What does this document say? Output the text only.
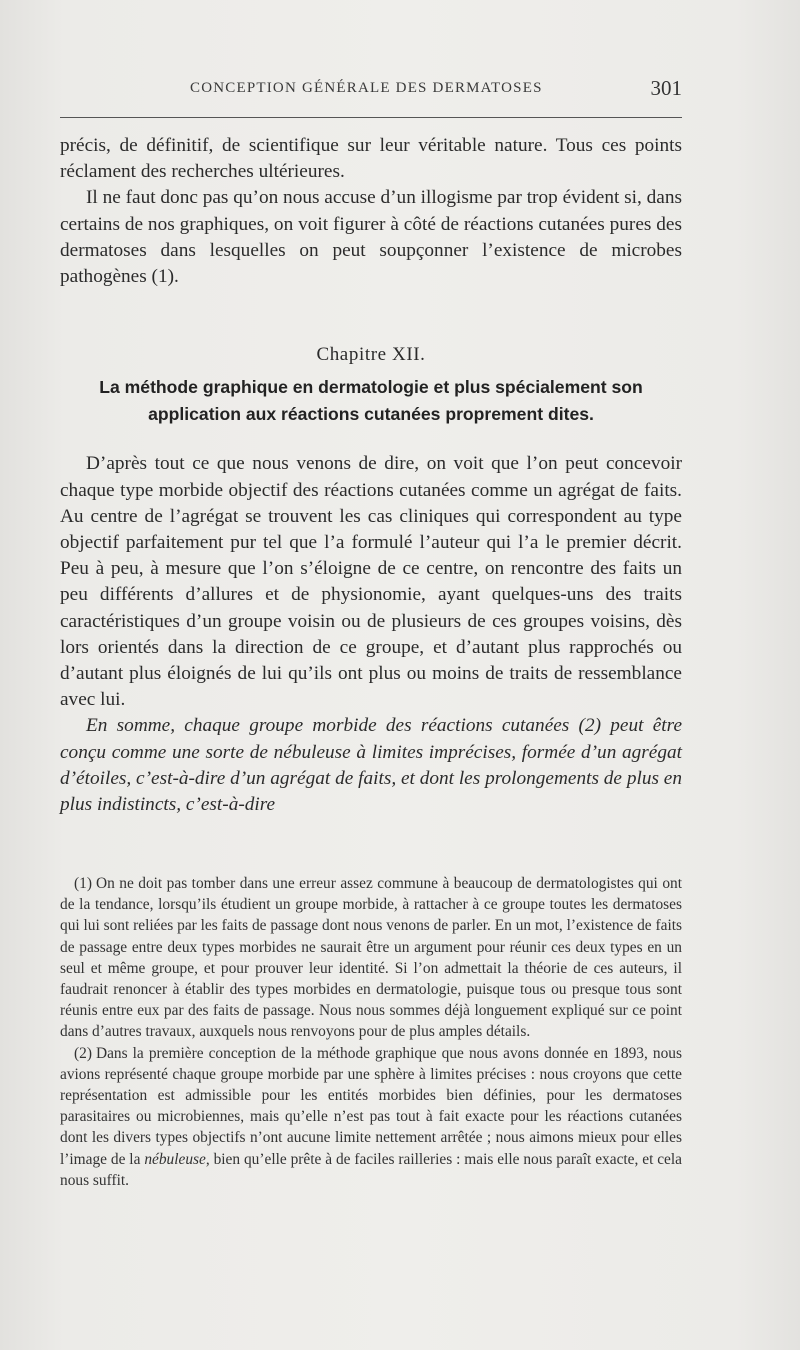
CONCEPTION GÉNÉRALE DES DERMATOSES	301

précis, de définitif, de scientifique sur leur véritable nature. Tous ces points réclament des recherches ultérieures.

Il ne faut donc pas qu’on nous accuse d’un illogisme par trop évident si, dans certains de nos graphiques, on voit figurer à côté de réactions cutanées pures des dermatoses dans lesquelles on peut soupçonner l’existence de microbes pathogènes (1).

Chapitre XII.

La méthode graphique en dermatologie et plus spécialement son application aux réactions cutanées proprement dites.

D’après tout ce que nous venons de dire, on voit que l’on peut concevoir chaque type morbide objectif des réactions cutanées comme un agrégat de faits. Au centre de l’agrégat se trouvent les cas cliniques qui correspondent au type objectif parfaitement pur tel que l’a formulé l’auteur qui l’a le premier décrit. Peu à peu, à mesure que l’on s’éloigne de ce centre, on rencontre des faits un peu différents d’allures et de physionomie, ayant quelques-uns des traits caractéristiques d’un groupe voisin ou de plusieurs de ces groupes voisins, dès lors orientés dans la direction de ce groupe, et d’autant plus rapprochés ou d’autant plus éloignés de lui qu’ils ont plus ou moins de traits de ressemblance avec lui.

En somme, chaque groupe morbide des réactions cutanées (2) peut être conçu comme une sorte de nébuleuse à limites imprécises, formée d’un agrégat d’étoiles, c’est-à-dire d’un agrégat de faits, et dont les prolongements de plus en plus indistincts, c’est-à-dire

(1) On ne doit pas tomber dans une erreur assez commune à beaucoup de dermatologistes qui ont de la tendance, lorsqu’ils étudient un groupe morbide, à rattacher à ce groupe toutes les dermatoses qui lui sont reliées par les faits de passage dont nous venons de parler. En un mot, l’existence de faits de passage entre deux types morbides ne saurait être un argument pour réunir ces deux types en un seul et même groupe, et pour prouver leur identité. Si l’on admettait la théorie de ces auteurs, il faudrait renoncer à établir des types morbides en dermatologie, puisque tous ou presque tous sont réunis entre eux par des faits de passage. Nous nous sommes déjà longuement expliqué sur ce point dans d’autres travaux, auxquels nous renvoyons pour de plus amples détails.

(2) Dans la première conception de la méthode graphique que nous avons donnée en 1893, nous avions représenté chaque groupe morbide par une sphère à limites précises : nous croyons que cette représentation est admissible pour les entités morbides bien définies, pour les dermatoses parasitaires ou microbiennes, mais qu’elle n’est pas tout à fait exacte pour les réactions cutanées dont les divers types objectifs n’ont aucune limite nettement arrêtée ; nous aimons mieux pour elles l’image de la nébuleuse, bien qu’elle prête à de faciles railleries : mais elle nous paraît exacte, et cela nous suffit.
